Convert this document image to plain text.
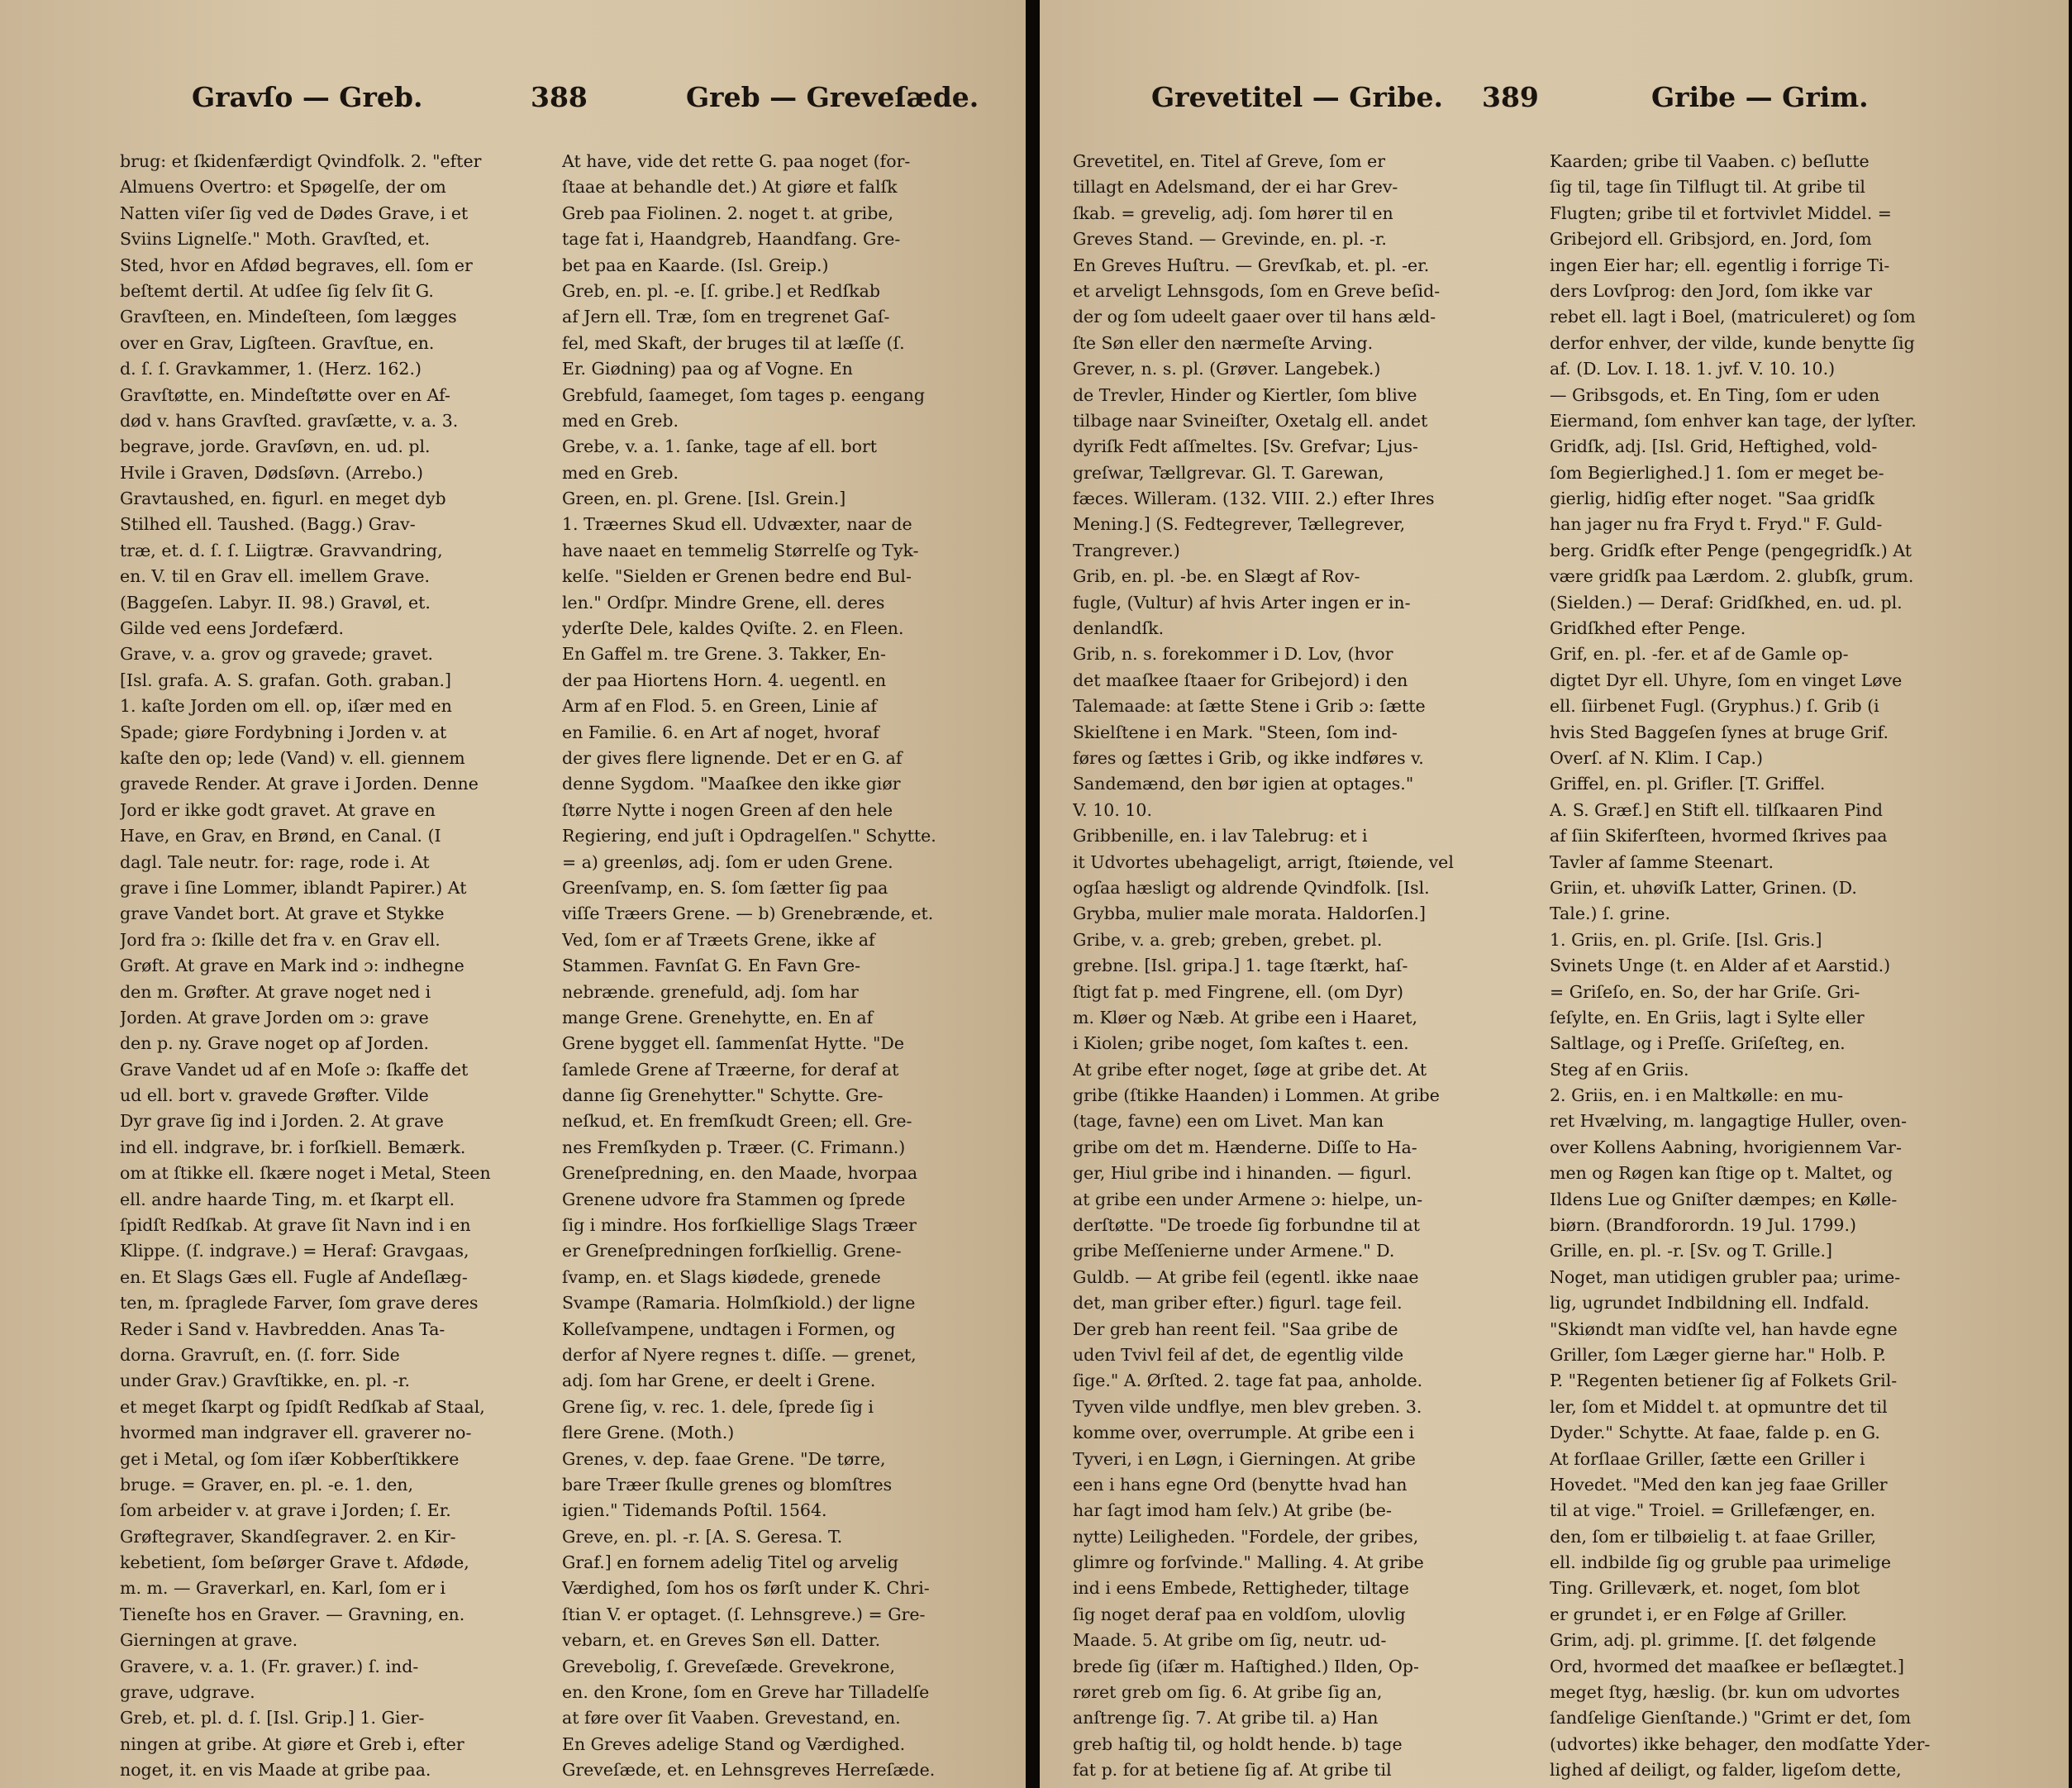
Gravſo — Greb.	388	Greb — Greveſæde.
brug: et ſkidenfærdigt Qvindfolk. 2. "efter
Almuens Overtro: et Spøgelſe, der om
Natten viſer ſig ved de Dødes Grave, i et
Sviins Lignelſe." Moth. Gravſted, et.
Sted, hvor en Afdød begraves, ell. ſom er
beſtemt dertil. At udſee ſig ſelv ſit G.
Gravſteen, en. Mindeſteen, ſom lægges
over en Grav, Ligſteen. Gravſtue, en.
d. ſ. ſ. Gravkammer, 1. (Herz. 162.)
Gravſtøtte, en. Mindeſtøtte over en Af-
død v. hans Gravſted. gravſætte, v. a. 3.
begrave, jorde. Gravſøvn, en. ud. pl.
Hvile i Graven, Dødsſøvn. (Arrebo.)
Gravtaushed, en. figurl. en meget dyb
Stilhed ell. Taushed. (Bagg.) Grav-
træ, et. d. ſ. ſ. Liigtræ. Gravvandring,
en. V. til en Grav ell. imellem Grave.
(Baggeſen. Labyr. II. 98.) Gravøl, et.
Gilde ved eens Jordefærd.
Grave, v. a. grov og gravede; gravet.
[Isl. grafa. A. S. grafan. Goth. graban.]
1. kaſte Jorden om ell. op, iſær med en
Spade; giøre Fordybning i Jorden v. at
kaſte den op; lede (Vand) v. ell. giennem
gravede Render. At grave i Jorden. Denne
Jord er ikke godt gravet. At grave en
Have, en Grav, en Brønd, en Canal. (I
dagl. Tale neutr. for: rage, rode i. At
grave i ſine Lommer, iblandt Papirer.) At
grave Vandet bort. At grave et Stykke
Jord fra ɔ: ſkille det fra v. en Grav ell.
Grøft. At grave en Mark ind ɔ: indhegne
den m. Grøfter. At grave noget ned i
Jorden. At grave Jorden om ɔ: grave
den p. ny. Grave noget op af Jorden.
Grave Vandet ud af en Moſe ɔ: ſkaffe det
ud ell. bort v. gravede Grøfter. Vilde
Dyr grave ſig ind i Jorden. 2. At grave
ind ell. indgrave, br. i forſkiell. Bemærk.
om at ſtikke ell. ſkære noget i Metal, Steen
ell. andre haarde Ting, m. et ſkarpt ell.
ſpidſt Redſkab. At grave ſit Navn ind i en
Klippe. (ſ. indgrave.) = Heraf: Gravgaas,
en. Et Slags Gæs ell. Fugle af Andeſlæg-
ten, m. ſpraglede Farver, ſom grave deres
Reder i Sand v. Havbredden. Anas Ta-
dorna. Gravruſt, en. (ſ. forr. Side
under Grav.) Gravſtikke, en. pl. -r.
et meget ſkarpt og ſpidſt Redſkab af Staal,
hvormed man indgraver ell. graverer no-
get i Metal, og ſom iſær Kobberſtikkere
bruge. = Graver, en. pl. -e. 1. den,
ſom arbeider v. at grave i Jorden; ſ. Er.
Grøftegraver, Skandſegraver. 2. en Kir-
kebetient, ſom beſørger Grave t. Afdøde,
m. m. — Graverkarl, en. Karl, ſom er i
Tieneſte hos en Graver. — Gravning, en.
Gierningen at grave.
Gravere, v. a. 1. (Fr. graver.) ſ. ind-
grave, udgrave.
Greb, et. pl. d. ſ. [Isl. Grip.] 1. Gier-
ningen at gribe. At giøre et Greb i, efter
noget, it. en vis Maade at gribe paa.
At have, vide det rette G. paa noget (for-
ſtaae at behandle det.) At giøre et falſk
Greb paa Fiolinen. 2. noget t. at gribe,
tage fat i, Haandgreb, Haandfang. Gre-
bet paa en Kaarde. (Isl. Greip.)
Greb, en. pl. -e. [ſ. gribe.] et Redſkab
af Jern ell. Træ, ſom en tregrenet Gaſ-
fel, med Skaft, der bruges til at læſſe (ſ.
Er. Giødning) paa og af Vogne. En
Grebfuld, ſaameget, ſom tages p. eengang
med en Greb.
Grebe, v. a. 1. ſanke, tage af ell. bort
med en Greb.
Green, en. pl. Grene. [Isl. Grein.]
1. Træernes Skud ell. Udvæxter, naar de
have naaet en temmelig Størrelſe og Tyk-
kelſe. "Sielden er Grenen bedre end Bul-
len." Ordſpr. Mindre Grene, ell. deres
yderſte Dele, kaldes Qviſte. 2. en Fleen.
En Gaffel m. tre Grene. 3. Takker, En-
der paa Hiortens Horn. 4. uegentl. en
Arm af en Flod. 5. en Green, Linie af
en Familie. 6. en Art af noget, hvoraf
der gives flere lignende. Det er en G. af
denne Sygdom. "Maaſkee den ikke giør
ſtørre Nytte i nogen Green af den hele
Regiering, end juſt i Opdragelſen." Schytte.
= a) greenløs, adj. ſom er uden Grene.
Greenſvamp, en. S. ſom ſætter ſig paa
viſſe Træers Grene. — b) Grenebrænde, et.
Ved, ſom er af Træets Grene, ikke af
Stammen. Favnſat G. En Favn Gre-
nebrænde. grenefuld, adj. ſom har
mange Grene. Grenehytte, en. En af
Grene bygget ell. ſammenſat Hytte. "De
ſamlede Grene af Træerne, for deraf at
danne ſig Grenehytter." Schytte. Gre-
neſkud, et. En fremſkudt Green; ell. Gre-
nes Fremſkyden p. Træer. (C. Frimann.)
Greneſpredning, en. den Maade, hvorpaa
Grenene udvore fra Stammen og ſprede
ſig i mindre. Hos forſkiellige Slags Træer
er Greneſpredningen forſkiellig. Grene-
ſvamp, en. et Slags kiødede, grenede
Svampe (Ramaria. Holmſkiold.) der ligne
Kolleſvampene, undtagen i Formen, og
derfor af Nyere regnes t. diſſe. — grenet,
adj. ſom har Grene, er deelt i Grene.
Grene ſig, v. rec. 1. dele, ſprede ſig i
flere Grene. (Moth.)
Grenes, v. dep. faae Grene. "De tørre,
bare Træer ſkulle grenes og blomſtres
igien." Tidemands Poſtil. 1564.
Greve, en. pl. -r. [A. S. Geresa. T.
Graf.] en fornem adelig Titel og arvelig
Værdighed, ſom hos os førſt under K. Chri-
ſtian V. er optaget. (ſ. Lehnsgreve.) = Gre-
vebarn, et. en Greves Søn ell. Datter.
Grevebolig, ſ. Greveſæde. Grevekrone,
en. den Krone, ſom en Greve har Tilladelſe
at føre over ſit Vaaben. Grevestand, en.
En Greves adelige Stand og Værdighed.
Greveſæde, et. en Lehnsgreves Herreſæde.
Grevetitel — Gribe. 389	Gribe — Grim.
Grevetitel, en. Titel af Greve, ſom er
tillagt en Adelsmand, der ei har Grev-
ſkab. = grevelig, adj. ſom hører til en
Greves Stand. — Grevinde, en. pl. -r.
En Greves Huſtru. — Grevſkab, et. pl. -er.
et arveligt Lehnsgods, ſom en Greve beſid-
der og ſom udeelt gaaer over til hans æld-
ſte Søn eller den nærmeſte Arving.
Grever, n. s. pl. (Grøver. Langebek.)
de Trevler, Hinder og Kiertler, ſom blive
tilbage naar Svineiſter, Oxetalg ell. andet
dyriſk Fedt aſſmeltes. [Sv. Grefvar; Ljus-
greſwar, Tællgrevar. Gl. T. Garewan,
fæces. Willeram. (132. VIII. 2.) efter Ihres
Mening.] (S. Fedtegrever, Tællegrever,
Trangrever.)
Grib, en. pl. -be. en Slægt af Rov-
fugle, (Vultur) af hvis Arter ingen er in-
denlandſk.
Grib, n. s. forekommer i D. Lov, (hvor
det maaſkee ſtaaer for Gribejord) i den
Talemaade: at ſætte Stene i Grib ɔ: ſætte
Skielſtene i en Mark. "Steen, ſom ind-
føres og ſættes i Grib, og ikke indføres v.
Sandemænd, den bør igien at optages."
V. 10. 10.
Gribbenille, en. i lav Talebrug: et i
it Udvortes ubehageligt, arrigt, ſtøiende, vel
ogſaa hæsligt og aldrende Qvindfolk. [Isl.
Grybba, mulier male morata. Haldorſen.]
Gribe, v. a. greb; greben, grebet. pl.
grebne. [Isl. gripa.] 1. tage ſtærkt, haſ-
ſtigt fat p. med Fingrene, ell. (om Dyr)
m. Kløer og Næb. At gribe een i Haaret,
i Kiolen; gribe noget, ſom kaſtes t. een.
At gribe efter noget, ſøge at gribe det. At
gribe (ſtikke Haanden) i Lommen. At gribe
(tage, favne) een om Livet. Man kan
gribe om det m. Hænderne. Diſſe to Ha-
ger, Hiul gribe ind i hinanden. — figurl.
at gribe een under Armene ɔ: hielpe, un-
derſtøtte. "De troede ſig forbundne til at
gribe Meſſenierne under Armene." D.
Guldb. — At gribe feil (egentl. ikke naae
det, man griber efter.) figurl. tage feil.
Der greb han reent feil. "Saa gribe de
uden Tvivl feil af det, de egentlig vilde
ſige." A. Ørſted. 2. tage fat paa, anholde.
Tyven vilde undflye, men blev greben. 3.
komme over, overrumple. At gribe een i
Tyveri, i en Løgn, i Gierningen. At gribe
een i hans egne Ord (benytte hvad han
har ſagt imod ham ſelv.) At gribe (be-
nytte) Leiligheden. "Fordele, der gribes,
glimre og forſvinde." Malling. 4. At gribe
ind i eens Embede, Rettigheder, tiltage
ſig noget deraf paa en voldſom, ulovlig
Maade. 5. At gribe om ſig, neutr. ud-
brede ſig (iſær m. Haſtighed.) Ilden, Op-
røret greb om ſig. 6. At gribe ſig an,
anſtrenge ſig. 7. At gribe til. a) Han
greb haſtig til, og holdt hende. b) tage
fat p. for at betiene ſig af. At gribe til
Kaarden; gribe til Vaaben. c) beſlutte
ſig til, tage ſin Tilflugt til. At gribe til
Flugten; gribe til et fortvivlet Middel. =
Gribejord ell. Gribsjord, en. Jord, ſom
ingen Eier har; ell. egentlig i forrige Ti-
ders Lovſprog: den Jord, ſom ikke var
rebet ell. lagt i Boel, (matriculeret) og ſom
derfor enhver, der vilde, kunde benytte ſig
af. (D. Lov. I. 18. 1. jvf. V. 10. 10.)
— Gribsgods, et. En Ting, ſom er uden
Eiermand, ſom enhver kan tage, der lyſter.
Gridſk, adj. [Isl. Grid, Heftighed, vold-
ſom Begierlighed.] 1. ſom er meget be-
gierlig, hidſig efter noget. "Saa gridſk
han jager nu fra Fryd t. Fryd." F. Guld-
berg. Gridſk efter Penge (pengegridſk.) At
være gridſk paa Lærdom. 2. glubſk, grum.
(Sielden.) — Deraf: Gridſkhed, en. ud. pl.
Gridſkhed efter Penge.
Grif, en. pl. -fer. et af de Gamle op-
digtet Dyr ell. Uhyre, ſom en vinget Løve
ell. ſiirbenet Fugl. (Gryphus.) ſ. Grib (i
hvis Sted Baggeſen ſynes at bruge Grif.
Overſ. af N. Klim. I Cap.)
Griffel, en. pl. Grifler. [T. Griffel.
A. S. Græf.] en Stift ell. tilſkaaren Pind
af ſiin Skiferſteen, hvormed ſkrives paa
Tavler af ſamme Steenart.
Griin, et. uhøviſk Latter, Grinen. (D.
Tale.) ſ. grine.
1. Griis, en. pl. Griſe. [Isl. Gris.]
Svinets Unge (t. en Alder af et Aarstid.)
= Griſeſo, en. So, der har Griſe. Gri-
ſeſylte, en. En Griis, lagt i Sylte eller
Saltlage, og i Preſſe. Griſeſteg, en.
Steg af en Griis.
2. Griis, en. i en Maltkølle: en mu-
ret Hvælving, m. langagtige Huller, oven-
over Kollens Aabning, hvorigiennem Var-
men og Røgen kan ſtige op t. Maltet, og
Ildens Lue og Gniſter dæmpes; en Kølle-
biørn. (Brandforordn. 19 Jul. 1799.)
Grille, en. pl. -r. [Sv. og T. Grille.]
Noget, man utidigen grubler paa; urime-
lig, ugrundet Indbildning ell. Indfald.
"Skiøndt man vidſte vel, han havde egne
Griller, ſom Læger gierne har." Holb. P.
P. "Regenten betiener ſig af Folkets Gril-
ler, ſom et Middel t. at opmuntre det til
Dyder." Schytte. At faae, falde p. en G.
At forſlaae Griller, ſætte een Griller i
Hovedet. "Med den kan jeg faae Griller
til at vige." Troiel. = Grillefænger, en.
den, ſom er tilbøielig t. at faae Griller,
ell. indbilde ſig og gruble paa urimelige
Ting. Grilleværk, et. noget, ſom blot
er grundet i, er en Følge af Griller.
Grim, adj. pl. grimme. [ſ. det følgende
Ord, hvormed det maaſkee er beſlægtet.]
meget ſtyg, hæslig. (br. kun om udvortes
ſandſelige Gienſtande.) "Grimt er det, ſom
(udvortes) ikke behager, den modſatte Yder-
lighed af deiligt, og falder, ligeſom dette,
